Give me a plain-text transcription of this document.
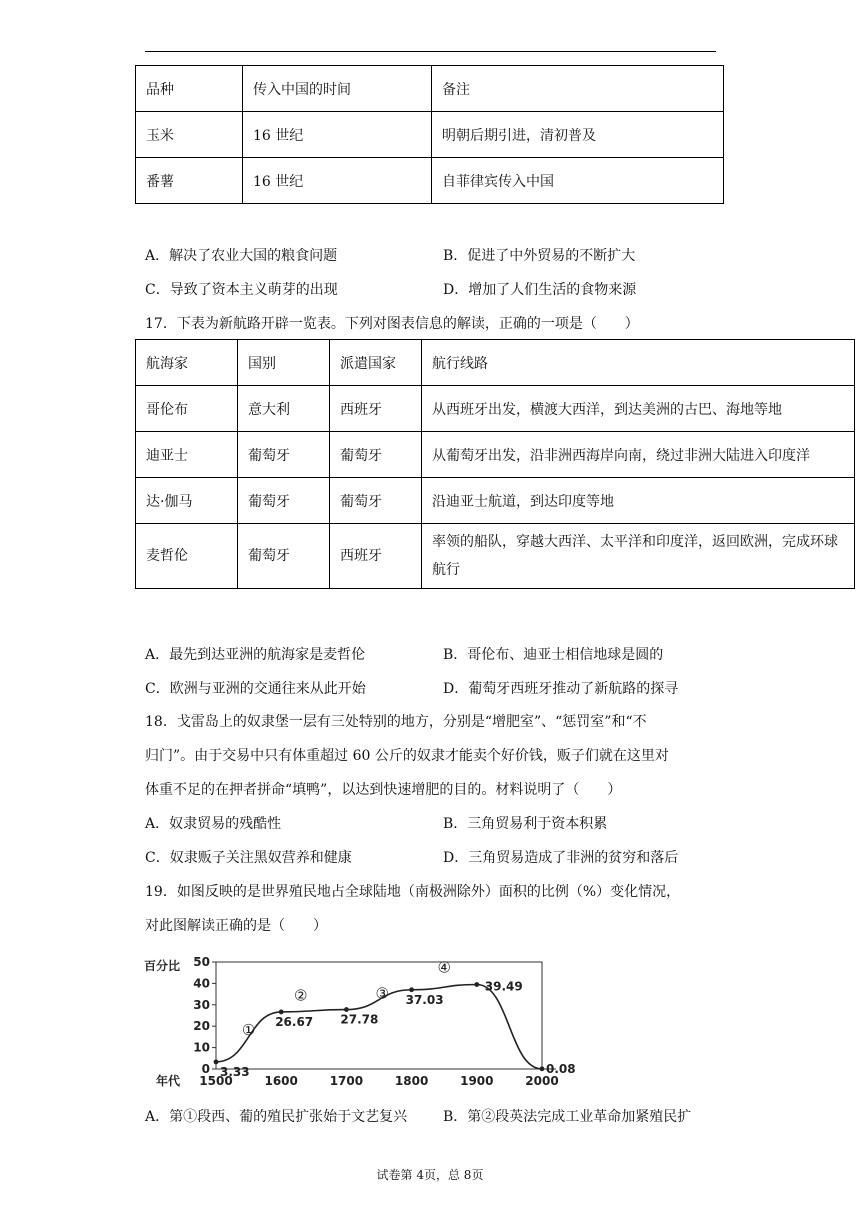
品种	传入中国的时间	备注
玉米	16 世纪	明朝后期引进，清初普及
番薯	16 世纪	自菲律宾传入中国
A．解决了农业大国的粮食问题	B．促进了中外贸易的不断扩大
C．导致了资本主义萌芽的出现	D．增加了人们生活的食物来源
17．下表为新航路开辟一览表。下列对图表信息的解读，正确的一项是（　　）
航海家	国别	派遣国家	航行线路
哥伦布	意大利	西班牙	从西班牙出发，横渡大西洋，到达美洲的古巴、海地等地
迪亚士	葡萄牙	葡萄牙	从葡萄牙出发，沿非洲西海岸向南，绕过非洲大陆进入印度洋
达·伽马	葡萄牙	葡萄牙	沿迪亚士航道，到达印度等地
麦哲伦	葡萄牙	西班牙	率领的船队，穿越大西洋、太平洋和印度洋，返回欧洲，完成环球航行
A．最先到达亚洲的航海家是麦哲伦	B．哥伦布、迪亚士相信地球是圆的
C．欧洲与亚洲的交通往来从此开始	D．葡萄牙西班牙推动了新航路的探寻
18．戈雷岛上的奴隶堡一层有三处特别的地方，分别是“增肥室”、“惩罚室”和“不
归门”。由于交易中只有体重超过 60 公斤的奴隶才能卖个好价钱，贩子们就在这里对
体重不足的在押者拼命“填鸭”，以达到快速增肥的目的。材料说明了（　　）
A．奴隶贸易的残酷性	B．三角贸易利于资本积累
C．奴隶贩子关注黑奴营养和健康	D．三角贸易造成了非洲的贫穷和落后
19．如图反映的是世界殖民地占全球陆地（南极洲除外）面积的比例（%）变化情况，
对此图解读正确的是（　　）
0
10
20
30
40
50
百分比
1500	1600	1700	1800	1900	2000
年代
3.33
26.67 27.78
37.03
39.49
0.08
①
②	③
④
A．第①段西、葡的殖民扩张始于文艺复兴	B．第②段英法完成工业革命加紧殖民扩
试卷第 4页，总 8页
